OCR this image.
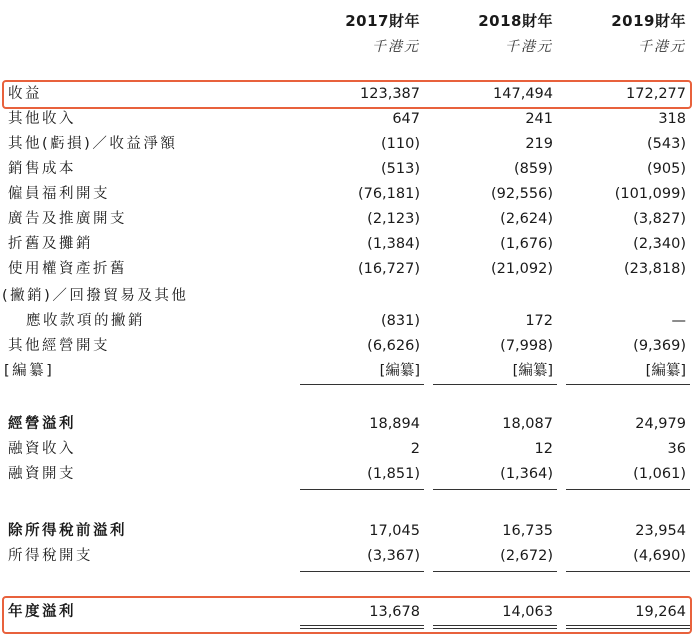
2017財年	2018財年	2019財年
千港元	千港元	千港元
收益	123,387	147,494	172,277
其他收入	647	241	318
其他(虧損)／收益淨額	(110)	219	(543)
銷售成本	(513)	(859)	(905)
僱員福利開支	(76,181)	(92,556)	(101,099)
廣告及推廣開支	(2,123)	(2,624)	(3,827)
折舊及攤銷	(1,384)	(1,676)	(2,340)
使用權資產折舊	(16,727)	(21,092)	(23,818)
(撇銷)／回撥貿易及其他
應收款項的撇銷	(831)	172	—
其他經營開支	(6,626)	(7,998)	(9,369)
[編纂]	[編纂]	[編纂]	[編纂]
經營溢利	18,894	18,087	24,979
融資收入	2	12	36
融資開支	(1,851)	(1,364)	(1,061)
除所得稅前溢利	17,045	16,735	23,954
所得稅開支	(3,367)	(2,672)	(4,690)
年度溢利	13,678	14,063	19,264
